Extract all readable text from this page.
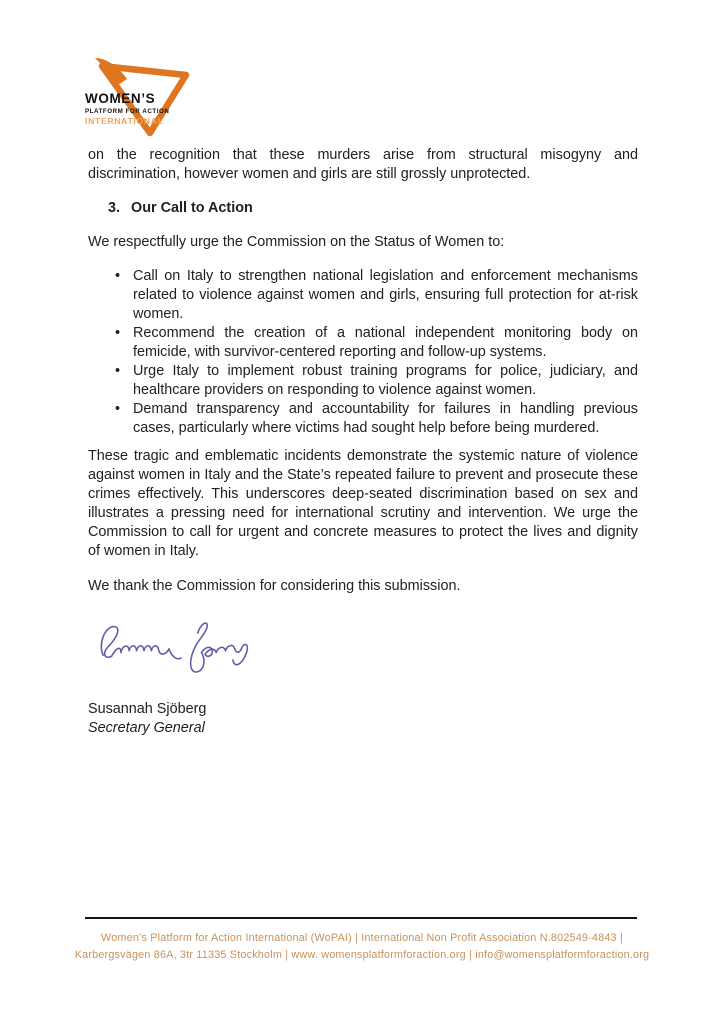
WOMEN’S
PLATFORM FOR ACTION
INTERNATIONAL

on the recognition that these murders arise from structural misogyny and discrimination, however women and girls are still grossly unprotected.

3. Our Call to Action

We respectfully urge the Commission on the Status of Women to:

• Call on Italy to strengthen national legislation and enforcement mechanisms related to violence against women and girls, ensuring full protection for at-risk women.
• Recommend the creation of a national independent monitoring body on femicide, with survivor-centered reporting and follow-up systems.
• Urge Italy to implement robust training programs for police, judiciary, and healthcare providers on responding to violence against women.
• Demand transparency and accountability for failures in handling previous cases, particularly where victims had sought help before being murdered.

These tragic and emblematic incidents demonstrate the systemic nature of violence against women in Italy and the State’s repeated failure to prevent and prosecute these crimes effectively. This underscores deep-seated discrimination based on sex and illustrates a pressing need for international scrutiny and intervention. We urge the Commission to call for urgent and concrete measures to protect the lives and dignity of women in Italy.

We thank the Commission for considering this submission.

Susannah Sjöberg
Secretary General
Women’s Platform for Action International (WoPAI) | International Non Profit Association N.802549-4843 |
Karbergsvägen 86A, 3tr 11335 Stockholm | www. womensplatformforaction.org | info@womensplatformforaction.org
